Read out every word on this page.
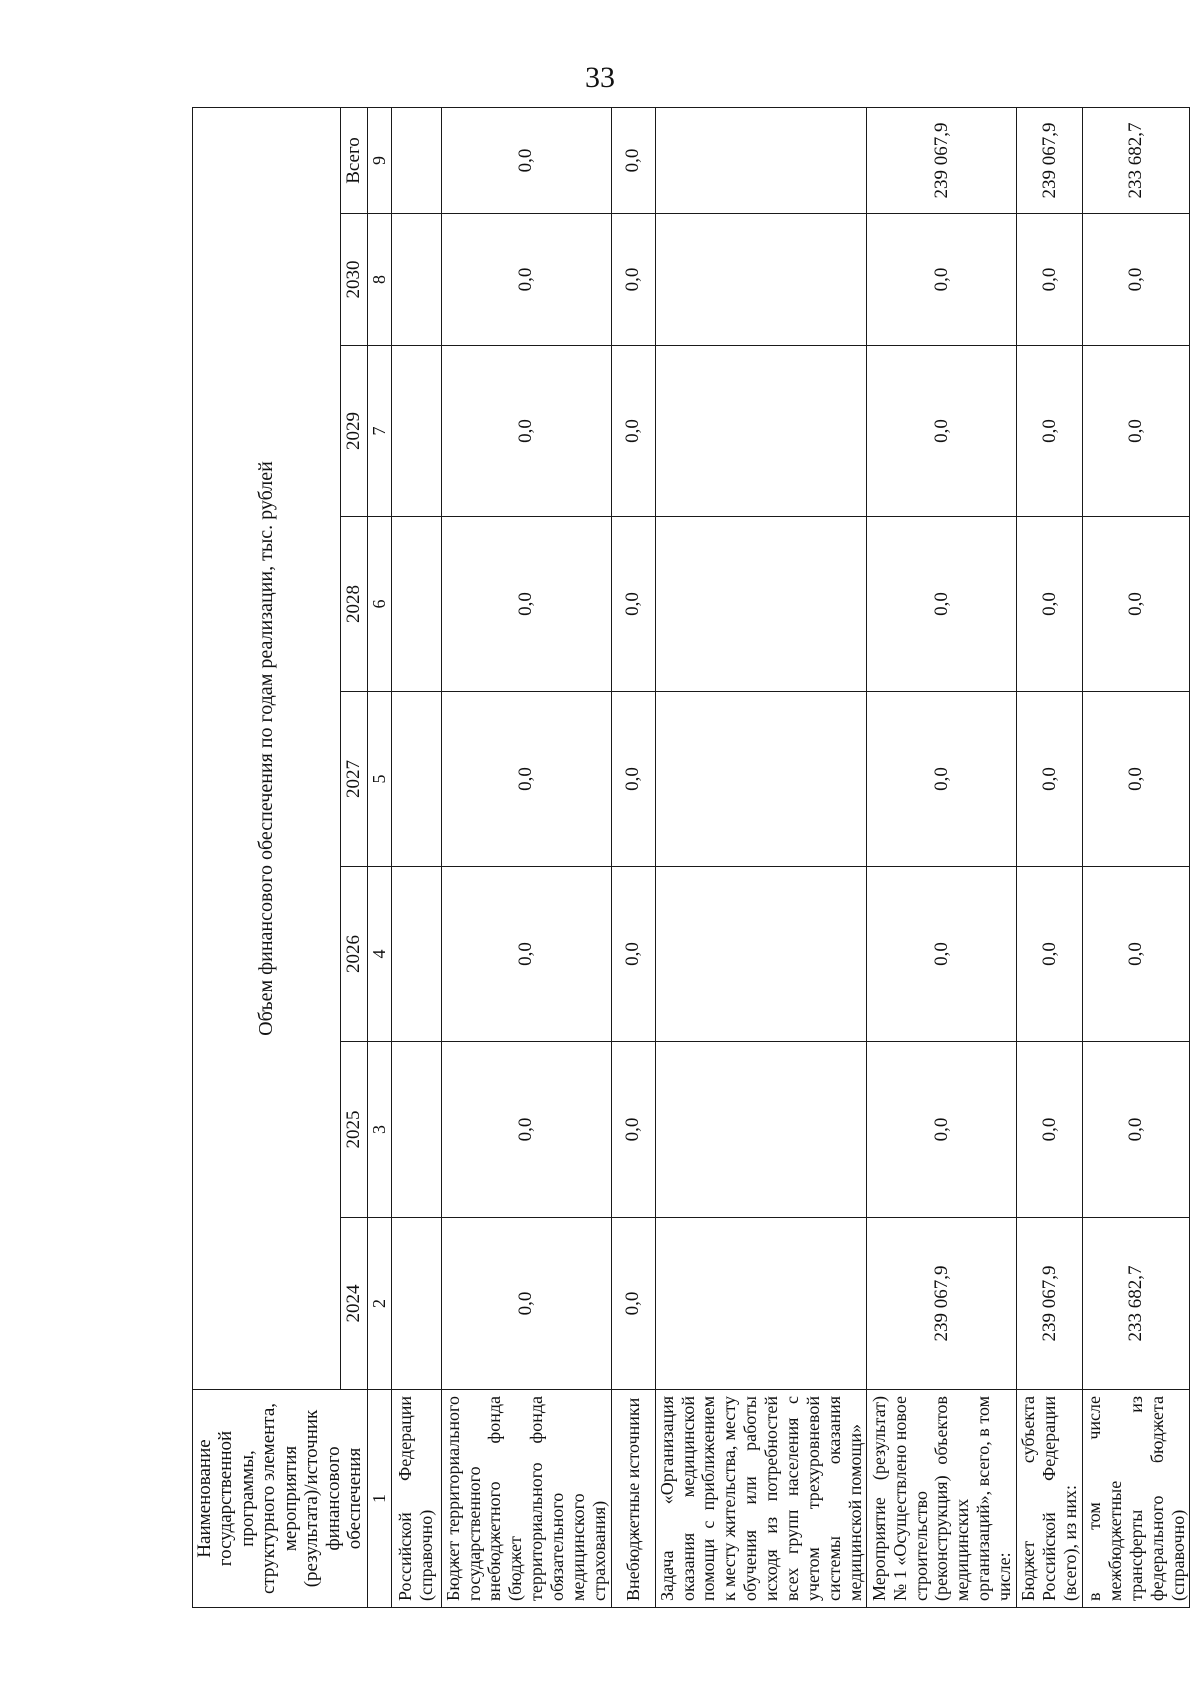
33
Наименование государственной программы, структурного элемента, мероприятия (результата)/источник финансового обеспечения	Объем финансового обеспечения по годам реализации, тыс. рублей							
	2024	2025	2026	2027	2028	2029	2030	Всего
1	2	3	4	5	6	7	8	9
Российской Федерации (справочно)								
Бюджет территориального государственного внебюджетного фонда (бюджет территориального фонда обязательного медицинского страхования)	0,0	0,0	0,0	0,0	0,0	0,0	0,0	0,0
Внебюджетные источники	0,0	0,0	0,0	0,0	0,0	0,0	0,0	0,0
Задача «Организация оказания медицинской помощи с приближением к месту жительства, месту обучения или работы исходя из потребностей всех групп населения с учетом трехуровневой системы оказания медицинской помощи»								
Мероприятие (результат) № 1 «Осуществлено новое строительство (реконструкция) объектов медицинских организаций», всего, в том числе:	239 067,9	0,0	0,0	0,0	0,0	0,0	0,0	239 067,9
Бюджет субъекта Российской Федерации (всего), из них:	239 067,9	0,0	0,0	0,0	0,0	0,0	0,0	239 067,9
в том числе межбюджетные трансферты из федерального бюджета (справочно)	233 682,7	0,0	0,0	0,0	0,0	0,0	0,0	233 682,7
